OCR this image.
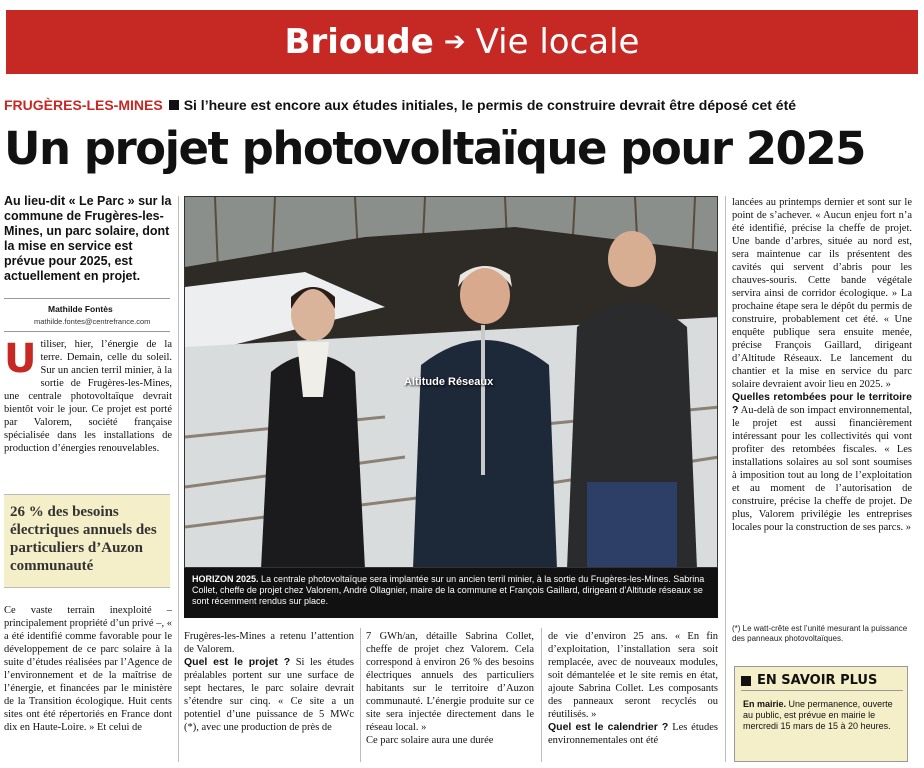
Brioude ➔ Vie locale
FRUGÈRES-LES-MINES Si l’heure est encore aux études initiales, le permis de construire devrait être déposé cet été
Un projet photovoltaïque pour 2025

Au lieu-dit « Le Parc » sur la commune de Frugères-les-Mines, un parc solaire, dont la mise en service est prévue pour 2025, est actuellement en projet.

Mathilde Fontès
mathilde.fontes@centrefrance.com
U tiliser, hier, l’énergie de la terre. Demain, celle du soleil. Sur un ancien terril minier, à la sortie de Frugères-les-Mines, une centrale photovoltaïque devrait bientôt voir le jour. Ce projet est porté par Valorem, société française spécialisée dans les installations de production d’énergies renouvelables.
26 % des besoins électriques annuels des particuliers d’Auzon communauté
Ce vaste terrain inexploité – principalement propriété d’un privé –, « a été identifié comme favorable pour le développement de ce parc solaire à la suite d’études réalisées par l’Agence de l’environnement et de la maîtrise de l’énergie, et financées par le ministère de la Transition écologique. Huit cents sites ont été répertoriés en France dont dix en Haute-Loire. » Et celui de
Altitude Réseaux
HORIZON 2025. La centrale photovoltaïque sera implantée sur un ancien terril minier, à la sortie du Frugères-les-Mines. Sabrina Collet, cheffe de projet chez Valorem, André Ollagnier, maire de la commune et François Gaillard, dirigeant d’Altitude réseaux se sont récemment rendus sur place.
Frugères-les-Mines a retenu l’attention de Valorem.
Quel est le projet ? Si les études préalables portent sur une surface de sept hectares, le parc solaire devrait s’étendre sur cinq. « Ce site a un potentiel d’une puissance de 5 MWc (*), avec une production de près de
7 GWh/an, détaille Sabrina Collet, cheffe de projet chez Valorem. Cela correspond à environ 26 % des besoins électriques annuels des particuliers habitants sur le territoire d’Auzon communauté. L’énergie produite sur ce site sera injectée directement dans le réseau local. »
Ce parc solaire aura une durée
de vie d’environ 25 ans. « En fin d’exploitation, l’installation sera soit remplacée, avec de nouveaux modules, soit démantelée et le site remis en état, ajoute Sabrina Collet. Les composants des panneaux seront recyclés ou réutilisés. »
Quel est le calendrier ? Les études environnementales ont été
lancées au printemps dernier et sont sur le point de s’achever. « Aucun enjeu fort n’a été identifié, précise la cheffe de projet. Une bande d’arbres, située au nord est, sera maintenue car ils présentent des cavités qui servent d’abris pour les chauves-souris. Cette bande végétale servira ainsi de corridor écologique. » La prochaine étape sera le dépôt du permis de construire, probablement cet été. « Une enquête publique sera ensuite menée, précise François Gaillard, dirigeant d’Altitude Réseaux. Le lancement du chantier et la mise en service du parc solaire devraient avoir lieu en 2025. »
Quelles retombées pour le territoire ? Au-delà de son impact environnemental, le projet est aussi financièrement intéressant pour les collectivités qui vont profiter des retombées fiscales. « Les installations solaires au sol sont soumises à imposition tout au long de l’exploitation et au moment de l’autorisation de construire, précise la cheffe de projet. De plus, Valorem privilégie les entreprises locales pour la construction de ses parcs. »
(*) Le watt-crête est l’unité mesurant la puissance des panneaux photovoltaïques.
EN SAVOIR PLUS
En mairie. Une permanence, ouverte au public, est prévue en mairie le mercredi 15 mars de 15 à 20 heures.
